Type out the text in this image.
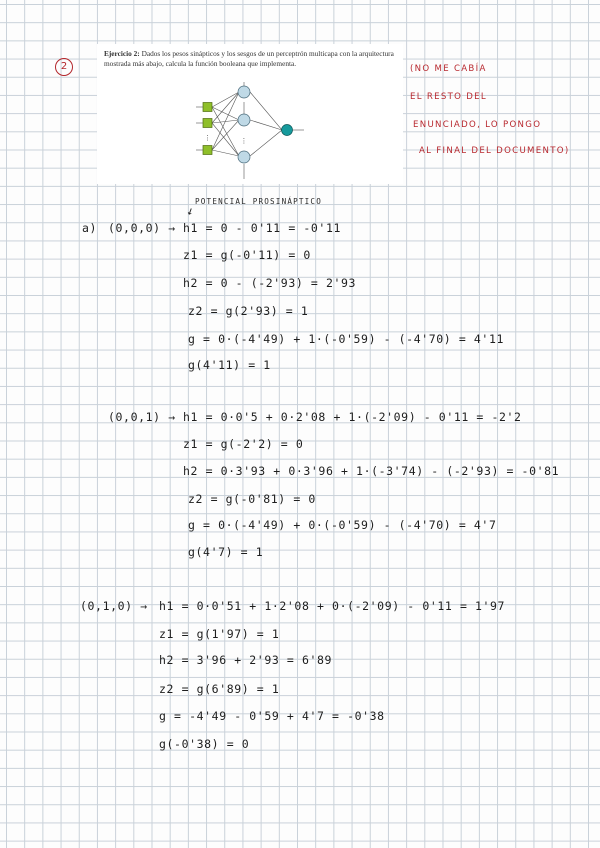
2
Ejercicio 2: Dados los pesos sinápticos y los sesgos de un perceptrón multicapa con la arquitectura mostrada más abajo, calcula la función booleana que implementa.
⋮	⋮
(NO ME CABÍA
EL RESTO DEL
ENUNCIADO, LO PONGO
AL FINAL DEL DOCUMENTO)
POTENCIAL PROSINÁPTICO
↙
a) (0,0,0) → h1 = 0 - 0'11 = -0'11
z1 = g(-0'11) = 0
h2 = 0 - (-2'93) = 2'93
z2 = g(2'93) = 1
g = 0·(-4'49) + 1·(-0'59) - (-4'70) = 4'11
g(4'11) = 1
(0,0,1) → h1 = 0·0'5 + 0·2'08 + 1·(-2'09) - 0'11 = -2'2
z1 = g(-2'2) = 0
h2 = 0·3'93 + 0·3'96 + 1·(-3'74) - (-2'93) = -0'81
z2 = g(-0'81) = 0
g = 0·(-4'49) + 0·(-0'59) - (-4'70) = 4'7
g(4'7) = 1
(0,1,0) → h1 = 0·0'51 + 1·2'08 + 0·(-2'09) - 0'11 = 1'97
z1 = g(1'97) = 1
h2 = 3'96 + 2'93 = 6'89
z2 = g(6'89) = 1
g = -4'49 - 0'59 + 4'7 = -0'38
g(-0'38) = 0
